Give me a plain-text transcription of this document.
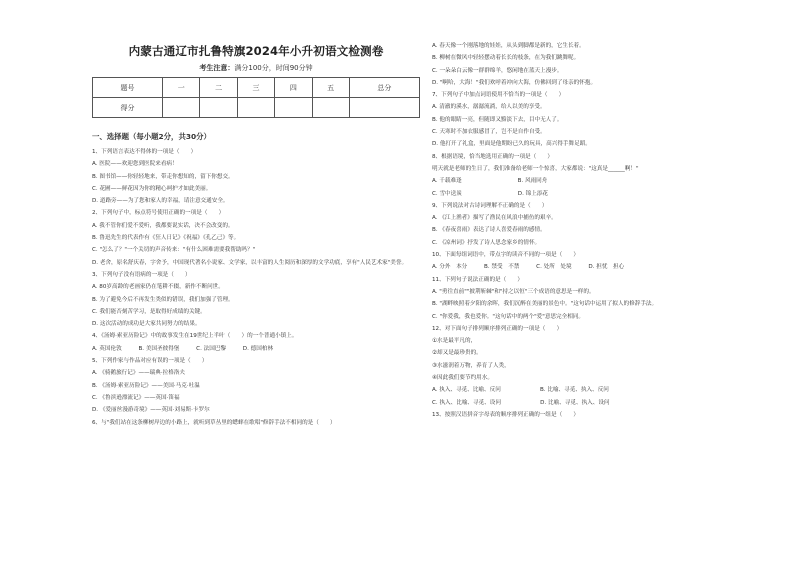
内蒙古通辽市扎鲁特旗2024年小升初语文检测卷
考生注意：满分100分，时间90分钟
题号	一	二	三	四	五	总分
得分						
一、选择题（每小题2分，共30分）
1、下列语言表达不得体的一项是（　　）
A. 医院——欢迎您到医院来看病！
B. 图书馆——你轻轻地来，带走你想知的，留下你想交。
C. 花圃——鲜花因为你的精心呵护才如此美丽。
D. 道路旁——为了您和家人的幸福，请注意交通安全。
2、下列句子中，标点符号使用正确的一项是（　　）
A. 我不管你们爱不爱听，我都要说实话，决不会改变的。
B. 鲁迅先生的代表作有《狂人日记》《祝福》《孔乙己》等。
C. "怎么了？"一个关切的声音传来："有什么困难需要我帮助吗？"
D. 老舍，原名舒庆春，字舍予，中国现代著名小说家、文学家，以丰富的人生阅历和深厚的文学功底，享有"人民艺术家"美誉。
3、下列句子没有语病的一项是（　　）
A. 80岁高龄的老画家仍在笔耕不辍，新作不断问世。
B. 为了避免今后不再发生类似的错误，我们加强了管理。
C. 我们能否刻苦学习，是取得好成绩的关键。
D. 这次活动的成功是大家共同努力的结果。
4、《汤姆·索亚历险记》中的故事发生在19世纪上半叶（　　）的一个普通小镇上。
A. 英国伦敦　　　B. 美国圣彼得堡　　　C. 法国巴黎　　　D. 德国柏林
5、下列作家与作品对应有误的一项是（　　）
A. 《骑鹅旅行记》——瑞典·拉格洛夫
B. 《汤姆·索亚历险记》——美国·马克·吐温
C. 《鲁滨逊漂流记》——英国·笛福
D. 《爱丽丝漫游奇境》——英国·刘易斯·卡罗尔
6、与"我们站在这条柳树岸边的小路上，就听到草丛里的蟋蟀在歌唱"修辞手法不相同的是（　　）
A. 春天像一个刚落地的娃娃，从头到脚都是新的，它生长着。
B. 柳树在微风中轻轻摆动着长长的枝条，在为我们跳舞呢。
C. 一朵朵白云像一群群绵羊，悠闲地在蓝天上漫步。
D. "啊哈，大海！"我们欢呼着冲向大海，仿佛回到了母亲的怀抱。
7、下列句子中加点词语使用不恰当的一项是（　　）
A. 清澈的溪水，潺潺流淌，给人以美的享受。
B. 他的眼睛一亮，但随即又黯淡下去，目中无人了。
C. 天寒时不加衣服感冒了，岂不是自作自受。
D. 他打开了礼盒，里面是他期盼已久的玩具，高兴得手舞足蹈。
8、根据语境，恰当地选用正确的一项是（　　）
明天就是老师的生日了，我们准备给老师一个惊喜，大家都说："这真是______啊！"
A. 千载难逢　　　　　　　　　　B. 风雨同舟
C. 雪中送炭　　　　　　　　　　D. 锦上添花
9、下列说法对古诗词理解不正确的是（　　）
A. 《江上渔者》描写了渔民在风浪中捕鱼的艰辛。
B. 《春夜喜雨》表达了诗人喜爱春雨的感情。
C. 《凉州词》抒发了诗人思念家乡的情怀。
10、下面每组词语中，带点字的读音不同的一项是（　　）
A. 分外　本分　　　B. 禁受　不禁　　　C. 处所　处境　　　D. 担忧　担心
11、下列句子说法正确的是（　　）
A. "勇往直前""披荆斩棘"和"持之以恒"三个成语的意思是一样的。
B. "湖畔映照着夕阳的余晖，我们沉醉在美丽的景色中。"这句话中运用了拟人的修辞手法。
C. "你爱我，我也爱你。"这句话中的两个"爱"意思完全相同。
12、对下面句子排列顺序排列正确的一项是（　　）
①水是最平凡的，
②却又是最珍贵的。
③水滋润着万物，养育了人类，
④因此我们要节约用水。
A. 执入、寻觅、比喻、反问　　　　　　　B. 比喻、寻觅、执入、反问
C. 执入、比喻、寻觅、设问　　　　　　　D. 比喻、寻觅、执入、设问
13、按照汉语拼音字母表的顺序排列正确的一组是（　　）
